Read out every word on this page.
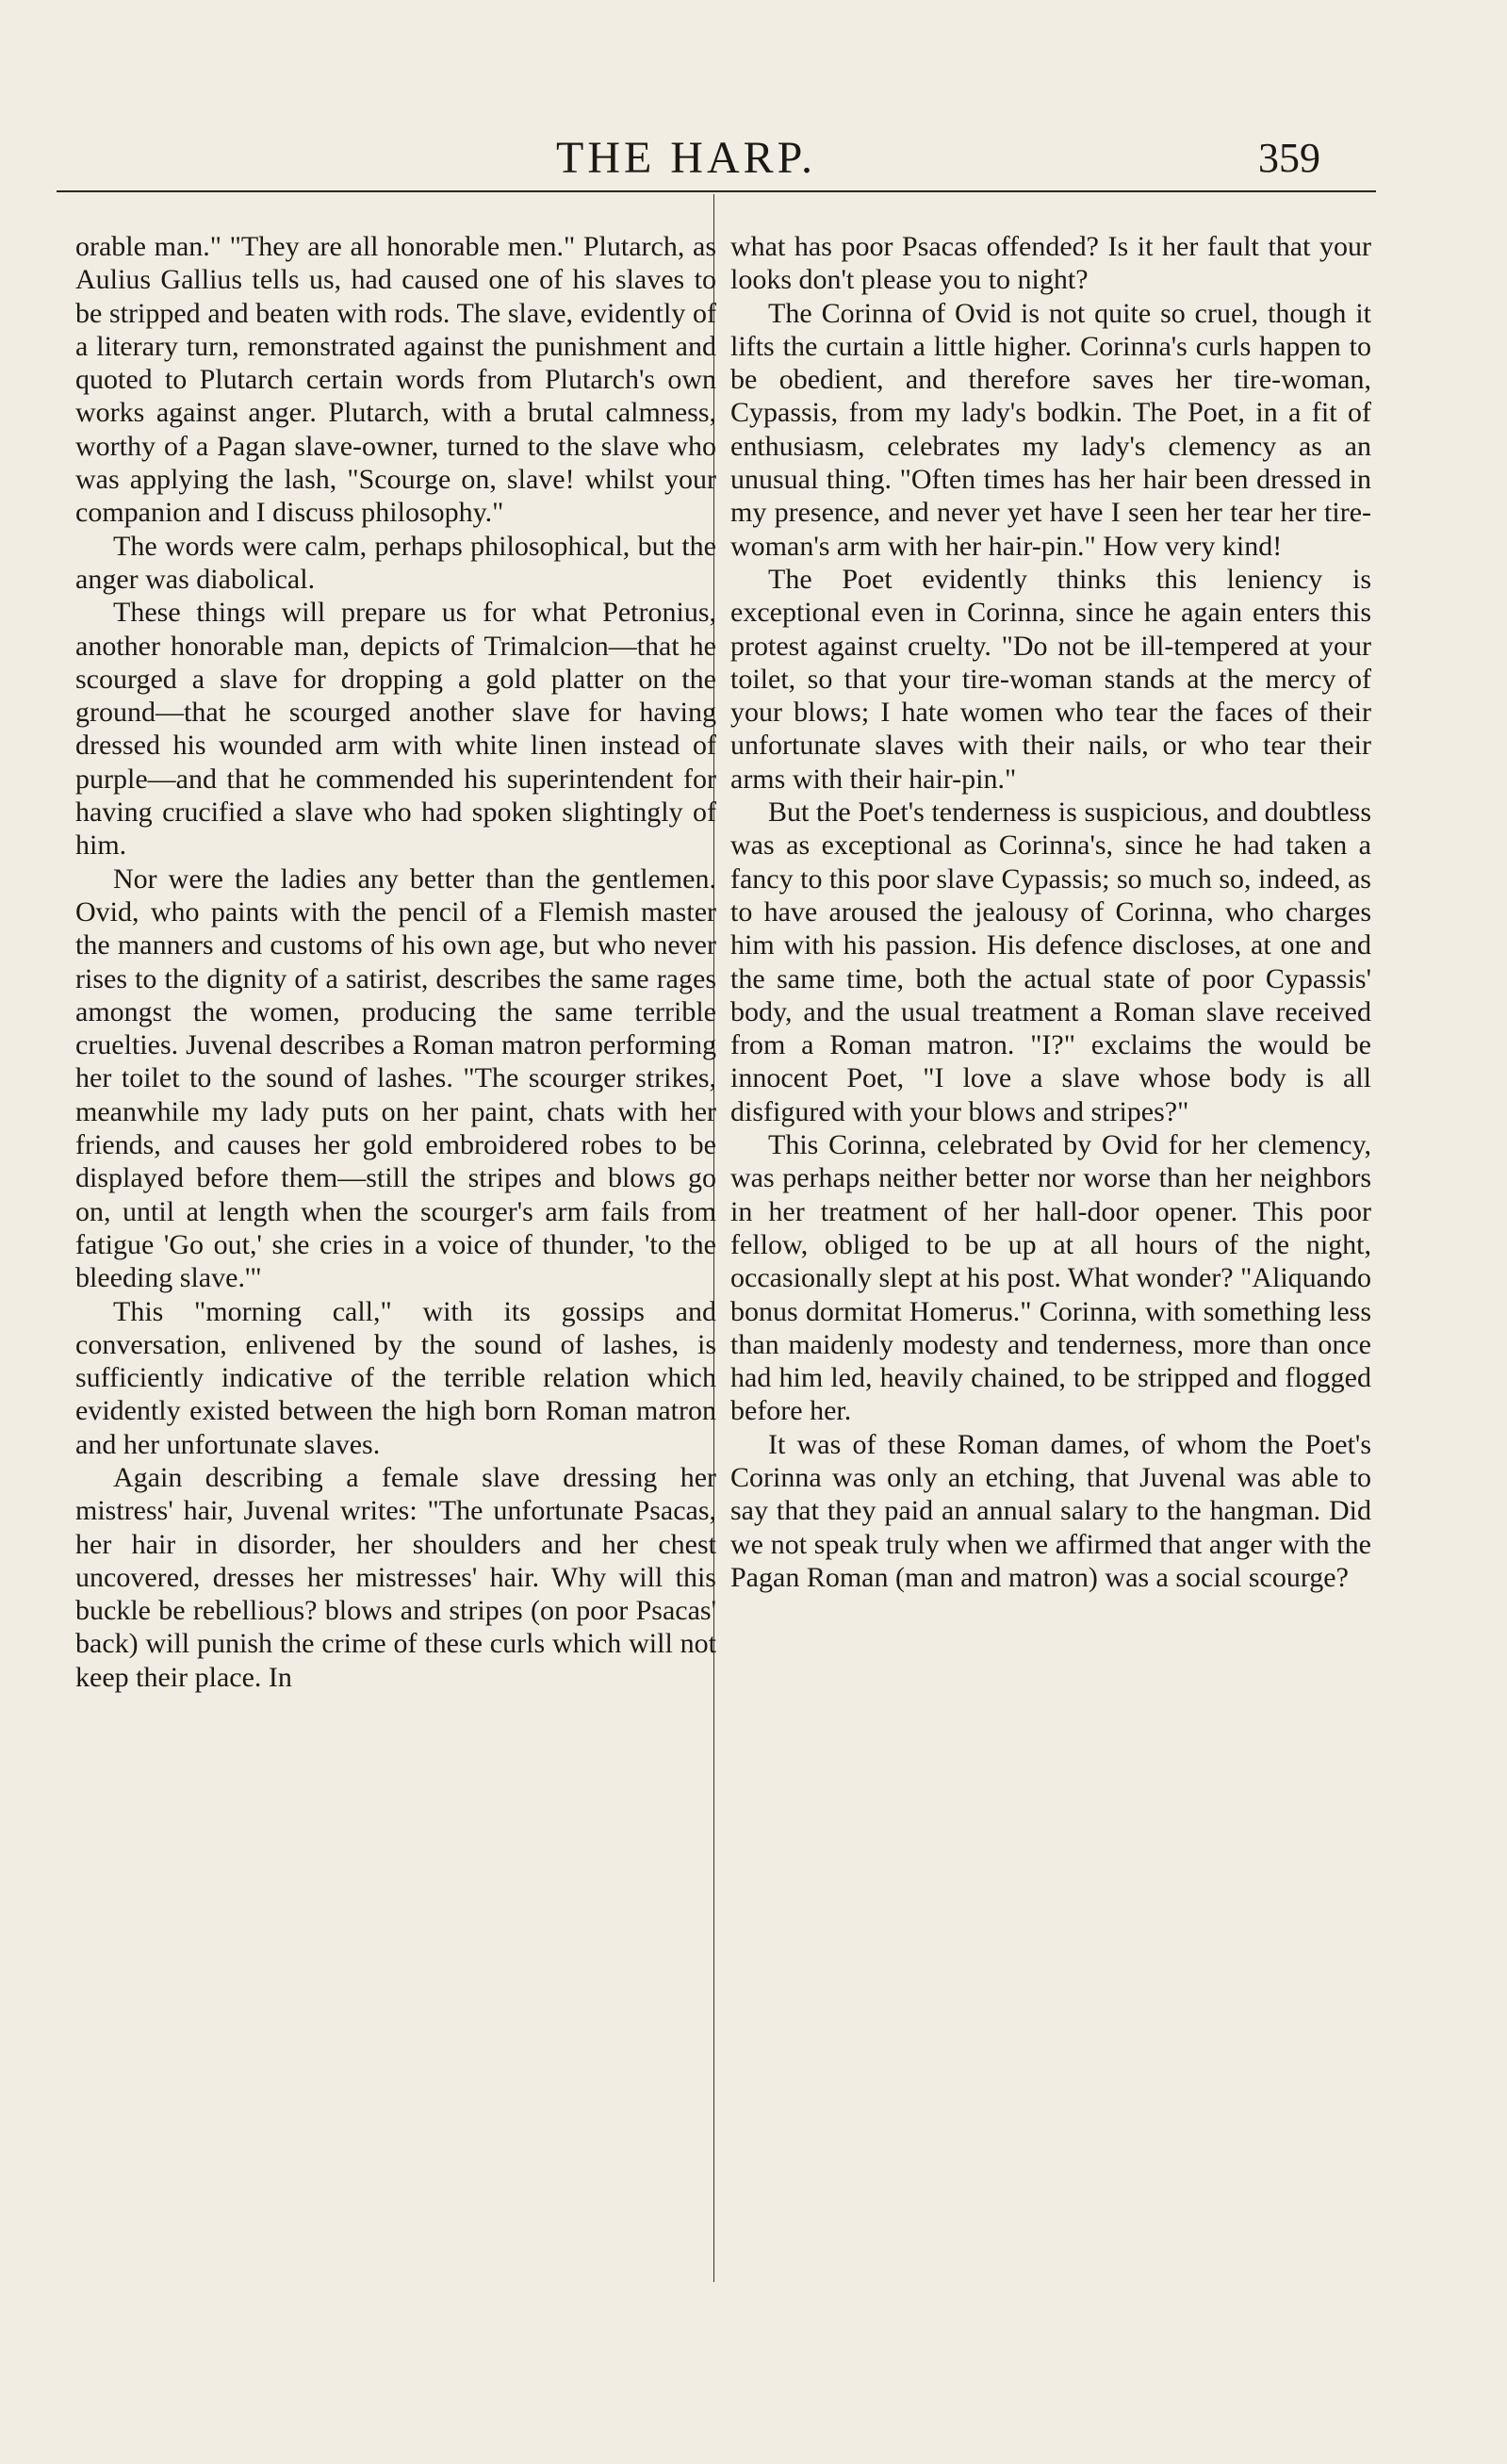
THE HARP.	359

orable man." "They are all honorable men." Plutarch, as Aulius Gallius tells us, had caused one of his slaves to be stripped and beaten with rods. The slave, evidently of a literary turn, remonstrated against the punishment and quoted to Plutarch certain words from Plutarch's own works against anger. Plutarch, with a brutal calmness, worthy of a Pagan slave-owner, turned to the slave who was applying the lash, "Scourge on, slave! whilst your companion and I discuss philosophy."

The words were calm, perhaps philosophical, but the anger was diabolical.

These things will prepare us for what Petronius, another honorable man, depicts of Trimalcion—that he scourged a slave for dropping a gold platter on the ground—that he scourged another slave for having dressed his wounded arm with white linen instead of purple—and that he commended his superintendent for having crucified a slave who had spoken slightingly of him.

Nor were the ladies any better than the gentlemen. Ovid, who paints with the pencil of a Flemish master the manners and customs of his own age, but who never rises to the dignity of a satirist, describes the same rages amongst the women, producing the same terrible cruelties. Juvenal describes a Roman matron performing her toilet to the sound of lashes. "The scourger strikes, meanwhile my lady puts on her paint, chats with her friends, and causes her gold embroidered robes to be displayed before them—still the stripes and blows go on, until at length when the scourger's arm fails from fatigue 'Go out,' she cries in a voice of thunder, 'to the bleeding slave.'"

This "morning call," with its gossips and conversation, enlivened by the sound of lashes, is sufficiently indicative of the terrible relation which evidently existed between the high born Roman matron and her unfortunate slaves.

Again describing a female slave dressing her mistress' hair, Juvenal writes: "The unfortunate Psacas, her hair in disorder, her shoulders and her chest uncovered, dresses her mistresses' hair. Why will this buckle be rebellious? blows and stripes (on poor Psacas' back) will punish the crime of these curls which will not keep their place. In

what has poor Psacas offended? Is it her fault that your looks don't please you to night?

The Corinna of Ovid is not quite so cruel, though it lifts the curtain a little higher. Corinna's curls happen to be obedient, and therefore saves her tire-woman, Cypassis, from my lady's bodkin. The Poet, in a fit of enthusiasm, celebrates my lady's clemency as an unusual thing. "Often times has her hair been dressed in my presence, and never yet have I seen her tear her tire-woman's arm with her hair-pin." How very kind!

The Poet evidently thinks this leniency is exceptional even in Corinna, since he again enters this protest against cruelty. "Do not be ill-tempered at your toilet, so that your tire-woman stands at the mercy of your blows; I hate women who tear the faces of their unfortunate slaves with their nails, or who tear their arms with their hair-pin."

But the Poet's tenderness is suspicious, and doubtless was as exceptional as Corinna's, since he had taken a fancy to this poor slave Cypassis; so much so, indeed, as to have aroused the jealousy of Corinna, who charges him with his passion. His defence discloses, at one and the same time, both the actual state of poor Cypassis' body, and the usual treatment a Roman slave received from a Roman matron. "I?" exclaims the would be innocent Poet, "I love a slave whose body is all disfigured with your blows and stripes?"

This Corinna, celebrated by Ovid for her clemency, was perhaps neither better nor worse than her neighbors in her treatment of her hall-door opener. This poor fellow, obliged to be up at all hours of the night, occasionally slept at his post. What wonder? "Aliquando bonus dormitat Homerus." Corinna, with something less than maidenly modesty and tenderness, more than once had him led, heavily chained, to be stripped and flogged before her.

It was of these Roman dames, of whom the Poet's Corinna was only an etching, that Juvenal was able to say that they paid an annual salary to the hangman. Did we not speak truly when we affirmed that anger with the Pagan Roman (man and matron) was a social scourge?
